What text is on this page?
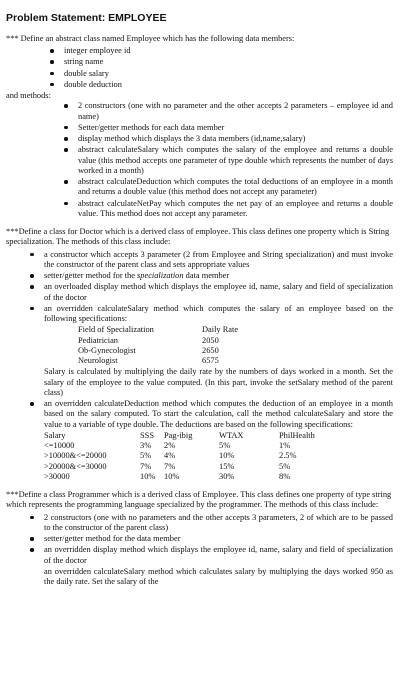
Problem Statement: EMPLOYEE

*** Define an abstract class named Employee which has the following data members:

integer employee id
string name
double salary
double deduction

and methods:

2 constructors (one with no parameter and the other accepts 2 parameters – employee id and name)
Setter/getter methods for each data member
display method which displays the 3 data members (id,name,salary)
abstract calculateSalary which computes the salary of the employee and returns a double value (this method accepts one parameter of type double which represents the number of days worked in a month)
abstract calculateDeduction which computes the total deductions of an employee in a month and returns a double value (this method does not accept any parameter)
abstract calculateNetPay which computes the net pay of an employee and returns a double value. This method does not accept any parameter.

***Define a class for Doctor which is a derived class of employee. This class defines one property which is String specialization. The methods of this class include:

a constructor which accepts 3 parameter (2 from Employee and String specialization) and must invoke the constructor of the parent class and sets appropriate values
setter/getter method for the specialization data member
an overloaded display method which displays the employee id, name, salary and field of specialization of the doctor
an overridden calculateSalary method which computes the salary of an employee based on the following specifications:
Field of Specialization	Daily Rate
Pediatrician	2050
Ob-Gynecologist	2650
Neurologist	6575

Salary is calculated by multiplying the daily rate by the numbers of days worked in a month. Set the salary of the employee to the value computed. (In this part, invoke the setSalary method of the parent class)

an overridden calculateDeduction method which computes the deduction of an employee in a month based on the salary computed. To start the calculation, call the method calculateSalary and store the value to a variable of type double. The deductions are based on the following specifications:
Salary	SSS	Pag-ibig	WTAX	PhilHealth
<=10000	3%	2%	5%	1%
>10000&<=20000	5%	4%	10%	2.5%
>20000&<=30000	7%	7%	15%	5%
>30000	10%	10%	30%	8%

***Define a class Programmer which is a derived class of Employee. This class defines one property of type string which represents the programming language specialized by the programmer. The methods of this class include:

2 constructors (one with no parameters and the other accepts 3 parameters, 2 of which are to be passed to the constructor of the parent class)
setter/getter method for the data member
an overridden display method which displays the employee id, name, salary and field of specialization of the doctor

an overridden calculateSalary method which calculates salary by multiplying the days worked 950 as the daily rate. Set the salary of the
